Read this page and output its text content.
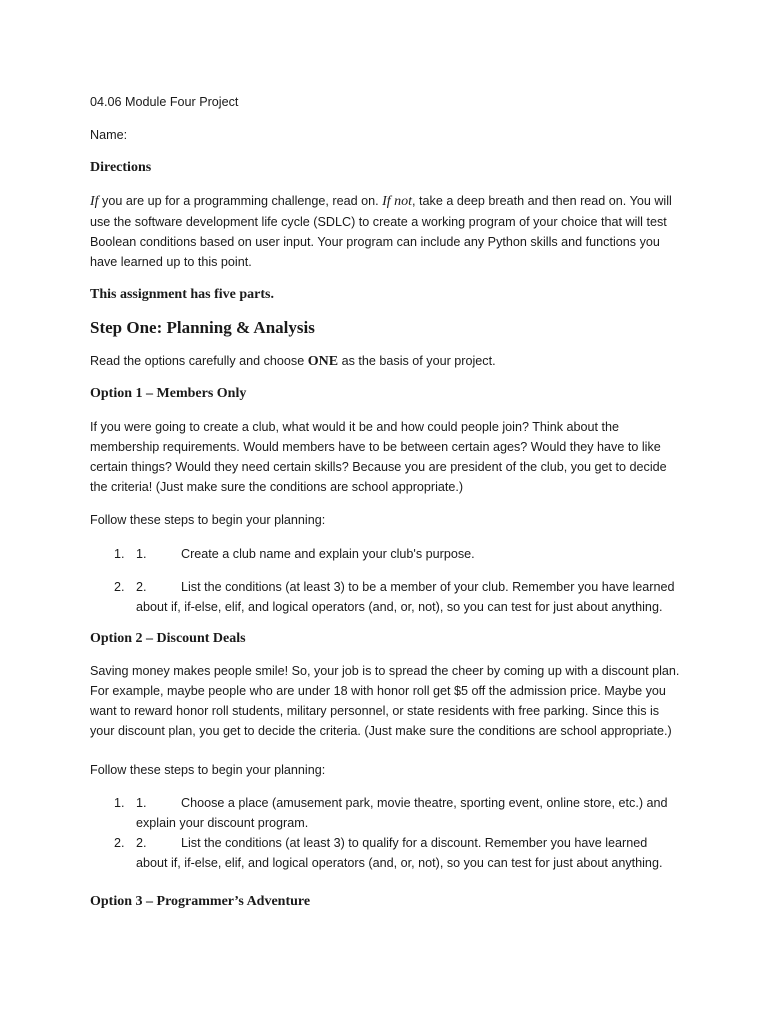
04.06 Module Four Project

Name:

Directions

If you are up for a programming challenge, read on. If not, take a deep breath and then read on. You will use the software development life cycle (SDLC) to create a working program of your choice that will test Boolean conditions based on user input. Your program can include any Python skills and functions you have learned up to this point.

This assignment has five parts.

Step One: Planning & Analysis

Read the options carefully and choose ONE as the basis of your project.

Option 1 – Members Only

If you were going to create a club, what would it be and how could people join? Think about the membership requirements. Would members have to be between certain ages? Would they have to like certain things? Would they need certain skills? Because you are president of the club, you get to decide the criteria! (Just make sure the conditions are school appropriate.)

Follow these steps to begin your planning:

1. 1.	Create a club name and explain your club's purpose.
2. 2.	List the conditions (at least 3) to be a member of your club. Remember you have learned about if, if-else, elif, and logical operators (and, or, not), so you can test for just about anything.

Option 2 – Discount Deals

Saving money makes people smile! So, your job is to spread the cheer by coming up with a discount plan. For example, maybe people who are under 18 with honor roll get $5 off the admission price. Maybe you want to reward honor roll students, military personnel, or state residents with free parking. Since this is your discount plan, you get to decide the criteria. (Just make sure the conditions are school appropriate.)

Follow these steps to begin your planning:

1. 1.	Choose a place (amusement park, movie theatre, sporting event, online store, etc.) and explain your discount program.
2. 2.	List the conditions (at least 3) to qualify for a discount. Remember you have learned about if, if-else, elif, and logical operators (and, or, not), so you can test for just about anything.

Option 3 – Programmer’s Adventure
